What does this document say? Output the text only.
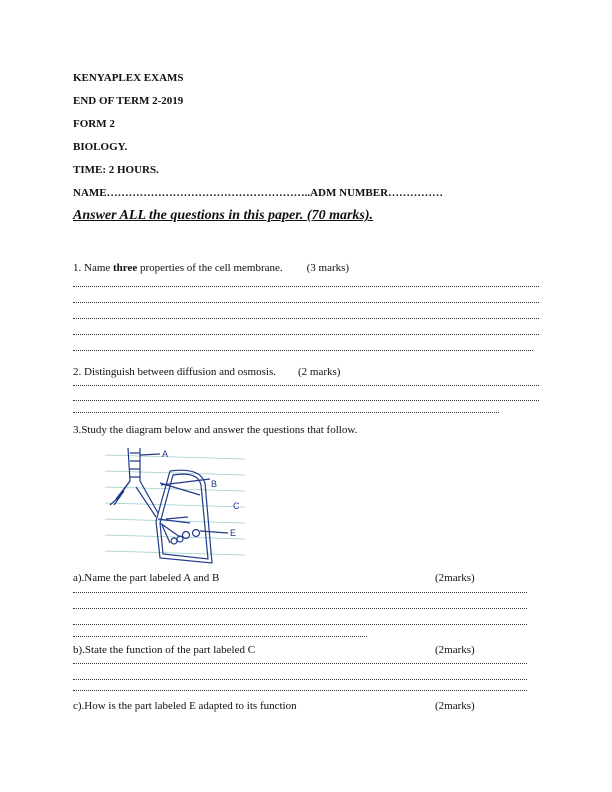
KENYAPLEX EXAMS
END OF TERM 2-2019
FORM 2
BIOLOGY.
TIME: 2 HOURS.
NAME………………………………………………..ADM NUMBER……………
Answer ALL the questions in this paper. (70 marks).
1. Name three properties of the cell membrane. (3 marks)
2. Distinguish between diffusion and osmosis. (2 marks)
3.Study the diagram below and answer the questions that follow.
A
B
C
E
a).Name the part labeled A and B	(2marks)
b).State the function of the part labeled C	(2marks)
c).How is the part labeled E adapted to its function	(2marks)
